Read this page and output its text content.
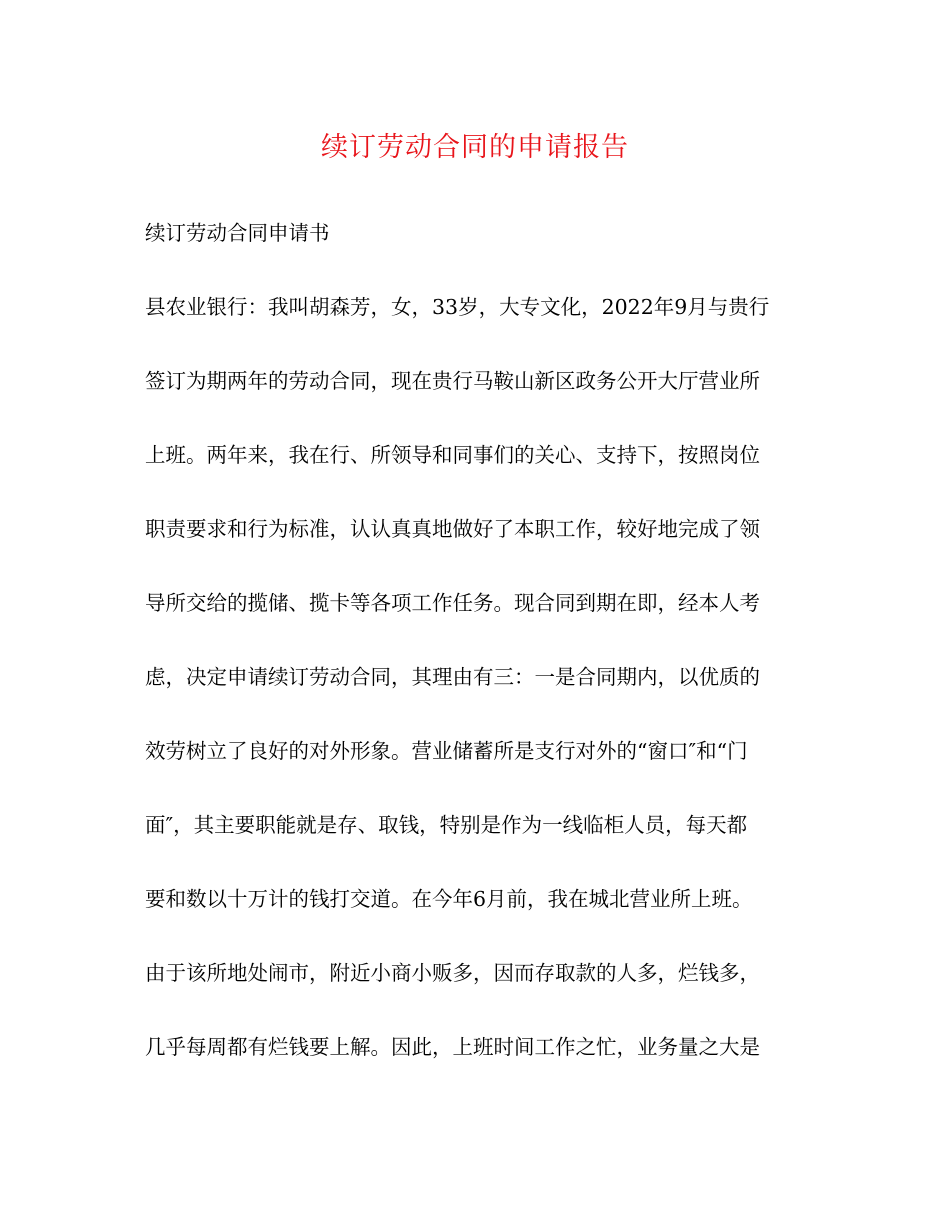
续订劳动合同的申请报告

续订劳动合同申请书

县农业银行：我叫胡森芳，女，33岁，大专文化，2022年9月与贵行

签订为期两年的劳动合同，现在贵行马鞍山新区政务公开大厅营业所

上班。两年来，我在行、所领导和同事们的关心、支持下，按照岗位

职责要求和行为标准，认认真真地做好了本职工作，较好地完成了领

导所交给的揽储、揽卡等各项工作任务。现合同到期在即，经本人考

虑，决定申请续订劳动合同，其理由有三：一是合同期内，以优质的

效劳树立了良好的对外形象。营业储蓄所是支行对外的“窗口″和“门

面″，其主要职能就是存、取钱，特别是作为一线临柜人员，每天都

要和数以十万计的钱打交道。在今年6月前，我在城北营业所上班。

由于该所地处闹市，附近小商小贩多，因而存取款的人多，烂钱多，

几乎每周都有烂钱要上解。因此，上班时间工作之忙，业务量之大是
